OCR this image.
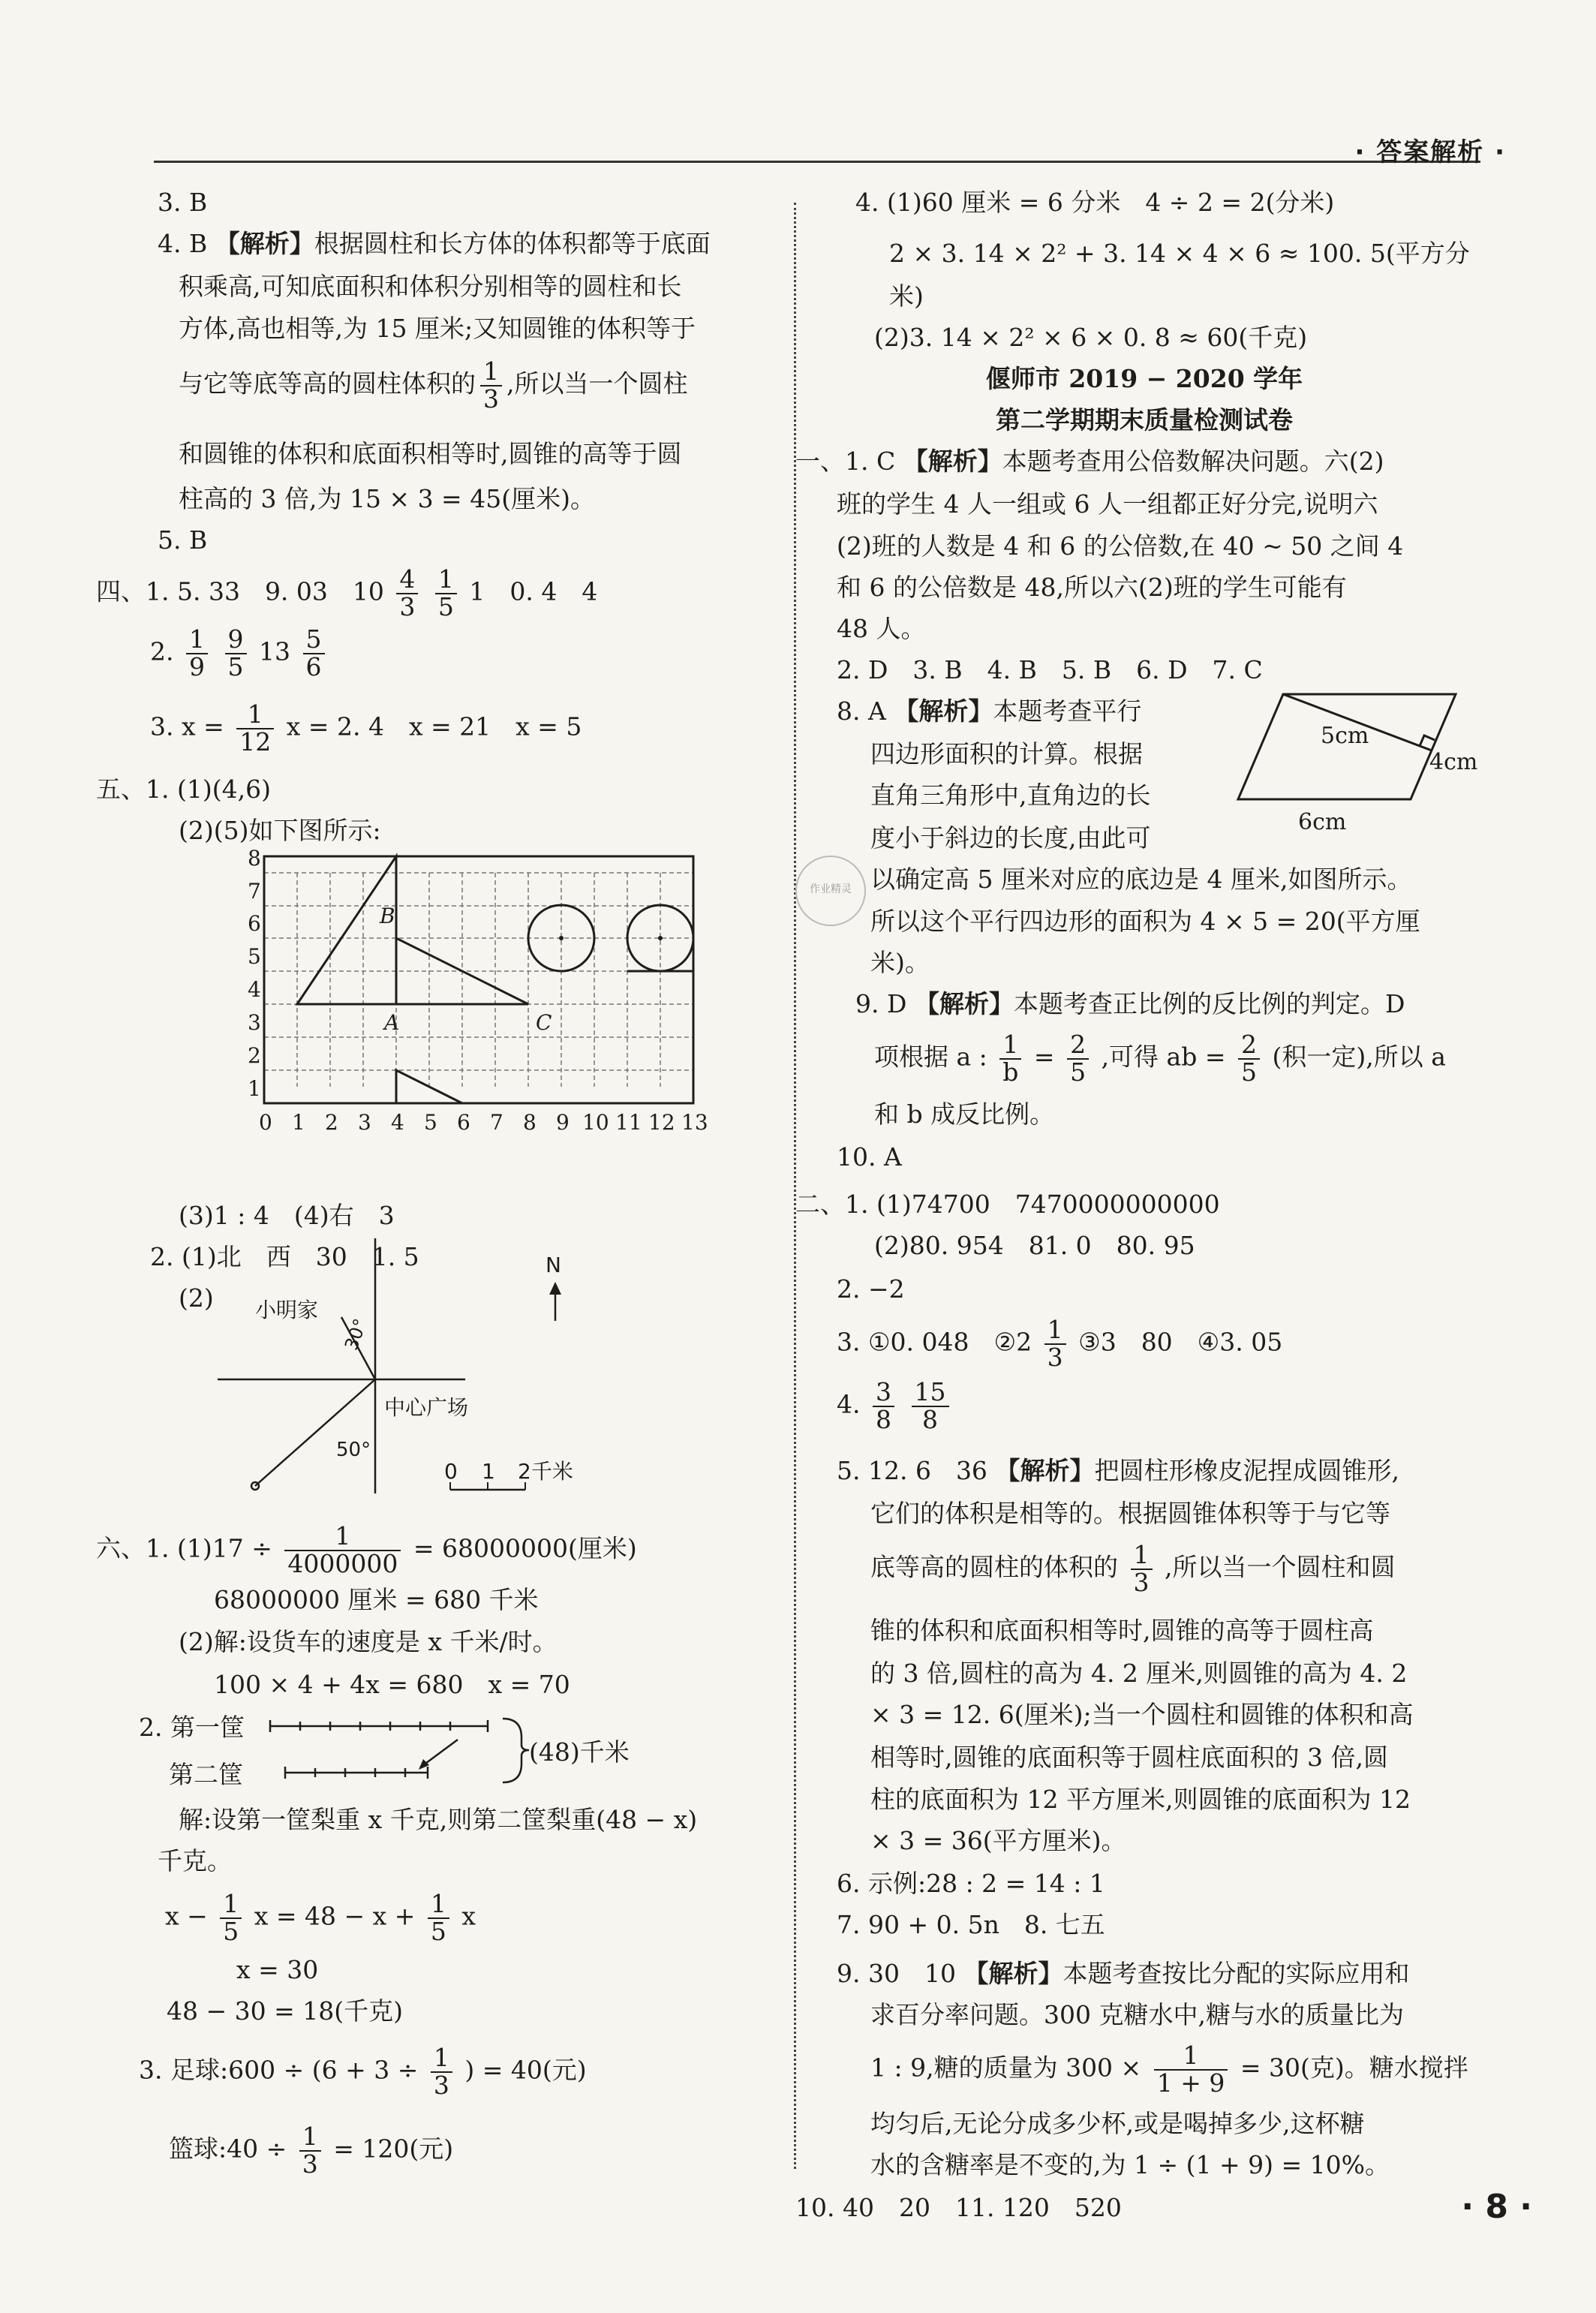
· 答案解析 ·
3. B
4. B 【解析】根据圆柱和长方体的体积都等于底面
积乘高,可知底面积和体积分别相等的圆柱和长
方体,高也相等,为 15 厘米;又知圆锥的体积等于
与它等底等高的圆柱体积的 $\frac{1}{3}$ ,所以当一个圆柱
和圆锥的体积和底面积相等时,圆锥的高等于圆
柱高的 3 倍,为 15 × 3 = 45(厘米)。
5. B
四、1. 5. 33　9. 03　$10 \frac{4}{3}$
$\frac{1}{5} 1$　0. 4　4
2. $\frac{1}{9}$
$\frac{9}{5} 13 \frac{5}{6}$
3. $x = \frac{1}{12}$ x = 2. 4　x = 21　x = 5
五、1. (1)(4,6)
(2)(5)如下图所示:
0 1 2 3 4 5 6 7 8 9 10 11 12 13
1
2
3
4
5
6
7
8
B
A	C
(3)1 : 4　(4)右　3
2. (1)北　西　30　1. 5
(2)
N
小明家
中心广场
30°
50°
0 1 2千米
六、1. $(1)17 \div \frac{1}{4000000} = 68000000$(厘米)
68000000 厘米 = 680 千米
(2)解:设货车的速度是 x 千米/时。
100 × 4 + 4x = 680　x = 70
2. 第一筐
第二筐
(48)千米
解:设第一筐梨重 x 千克,则第二筐梨重(48 − x)
千克。
$x - \frac{1}{5}$ $x = 48 - x + \frac{1}{5}$ x
x = 30
48 − 30 = 18(千克)
3. 足球:600 ÷ ($6 + 3 \div \frac{1}{3}$ ) = 40(元)
篮球:40 ÷ $\frac{1}{3} = 120$(元)
4. (1)60 厘米 = 6 分米　4 ÷ 2 = 2(分米)
2 × 3. 14 × 2² + 3. 14 × 4 × 6 ≈ 100. 5(平方分
米)
(2)3. 14 × 2² × 6 × 0. 8 ≈ 60(千克)
偃师市 2019 − 2020 学年
第二学期期末质量检测试卷
一、1. C 【解析】本题考查用公倍数解决问题。六(2)
班的学生 4 人一组或 6 人一组都正好分完,说明六
(2)班的人数是 4 和 6 的公倍数,在 40 ~ 50 之间 4
和 6 的公倍数是 48,所以六(2)班的学生可能有
48 人。
2. D　3. B　4. B　5. B　6. D　7. C
8. A 【解析】本题考查平行
四边形面积的计算。根据
直角三角形中,直角边的长
度小于斜边的长度,由此可
以确定高 5 厘米对应的底边是 4 厘米,如图所示。
所以这个平行四边形的面积为 4 × 5 = 20(平方厘
米)。
5cm
4cm
6cm
作业精灵
9. D 【解析】本题考查正比例的反比例的判定。D
项根据 a : $\frac{1}{b} = \frac{2}{5}$ ,可得 ab = $\frac{2}{5}$ (积一定),所以 a
和 b 成反比例。
10. A
二、1. (1)74700　7470000000000
(2)80. 954　81. 0　80. 95
2. −2
3. ①0. 048　②2 $\frac{1}{3}$ ③3　80　④3. 05
4. $\frac{3}{8}$
$\frac{15}{8}$
5. 12. 6　36 【解析】把圆柱形橡皮泥捏成圆锥形,
它们的体积是相等的。根据圆锥体积等于与它等
底等高的圆柱的体积的 $\frac{1}{3}$ ,所以当一个圆柱和圆
锥的体积和底面积相等时,圆锥的高等于圆柱高
的 3 倍,圆柱的高为 4. 2 厘米,则圆锥的高为 4. 2
× 3 = 12. 6(厘米);当一个圆柱和圆锥的体积和高
相等时,圆锥的底面积等于圆柱底面积的 3 倍,圆
柱的底面积为 12 平方厘米,则圆锥的底面积为 12
× 3 = 36(平方厘米)。
6. 示例:28 : 2 = 14 : 1
7. 90 + 0. 5n　8. 七五
9. 30　10 【解析】本题考查按比分配的实际应用和
求百分率问题。300 克糖水中,糖与水的质量比为
1 : 9,糖的质量为 $300 \times \frac{1}{1 + 9} = 30$(克)。糖水搅拌
均匀后,无论分成多少杯,或是喝掉多少,这杯糖
水的含糖率是不变的,为 1 ÷ (1 + 9) = 10%。
10. 40　20　11. 120　520	· 8 ·
